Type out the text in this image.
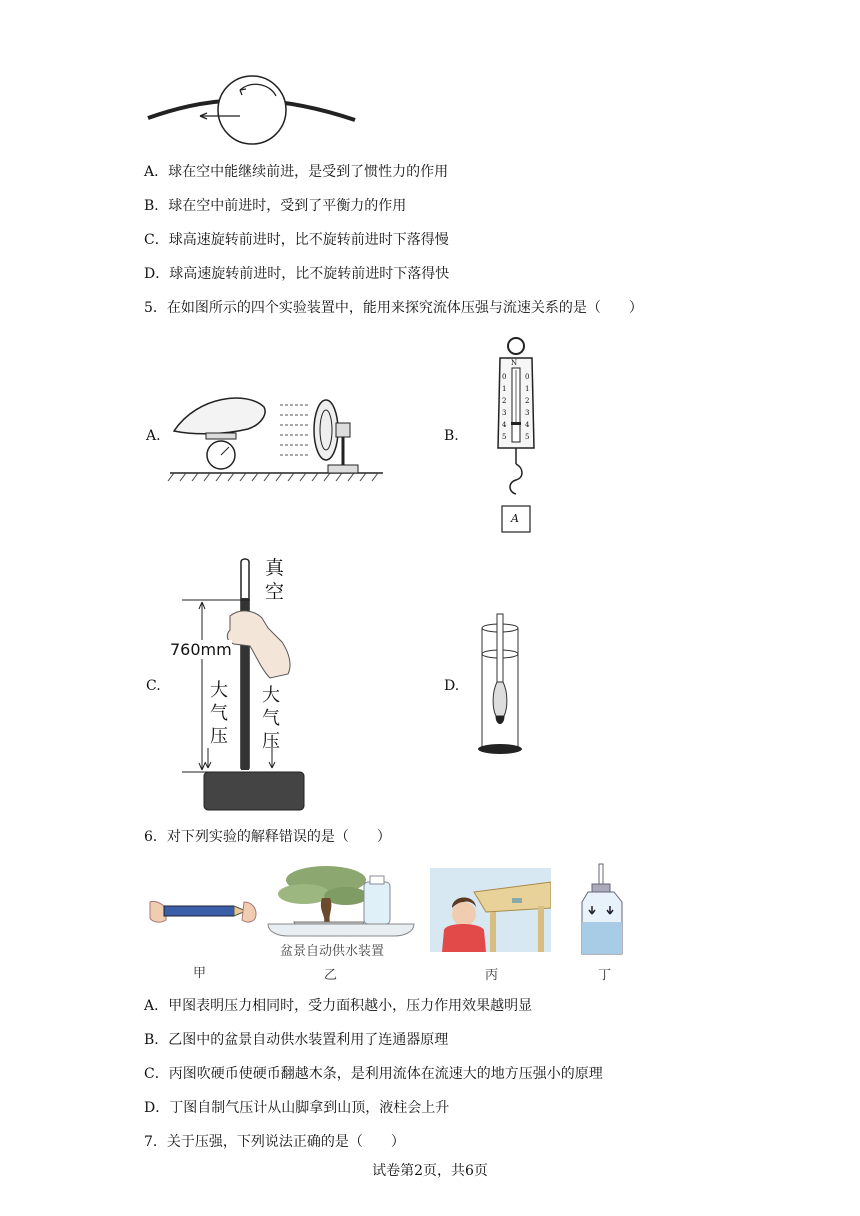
A．球在空中能继续前进，是受到了惯性力的作用
B．球在空中前进时，受到了平衡力的作用
C．球高速旋转前进时，比不旋转前进时下落得慢
D．球高速旋转前进时，比不旋转前进时下落得快
5．在如图所示的四个实验装置中，能用来探究流体压强与流速关系的是（　　）
A.	B.
N
0
1
2
3
4
5
0
1
2
3
4
5
A
C.
真
空
760mm
大
气
压
大
气
压
D.
6．对下列实验的解释错误的是（　　）
甲
盆景自动供水装置
乙	丙	丁
A．甲图表明压力相同时，受力面积越小，压力作用效果越明显
B．乙图中的盆景自动供水装置利用了连通器原理
C．丙图吹硬币使硬币翻越木条，是利用流体在流速大的地方压强小的原理
D．丁图自制气压计从山脚拿到山顶，液柱会上升
7．关于压强，下列说法正确的是（　　）
试卷第2页，共6页
